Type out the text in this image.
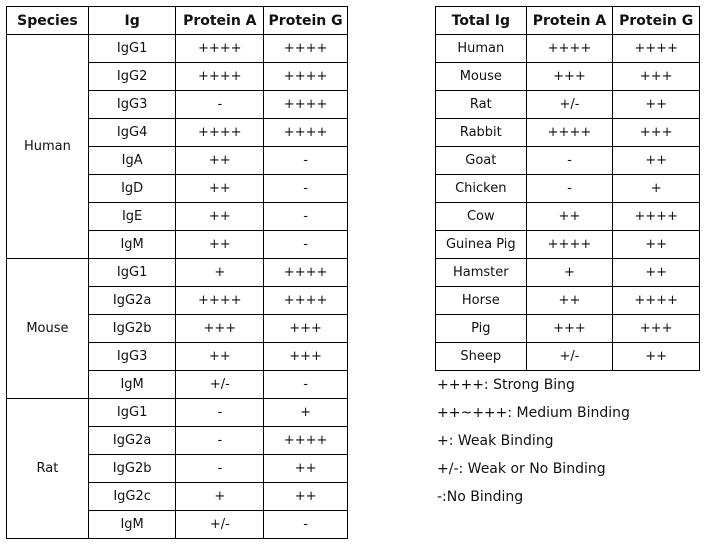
Species	Ig	Protein A	Protein G
Human	IgG1	++++	++++
	IgG2	++++	++++
	IgG3	-	++++
	IgG4	++++	++++
	IgA	++	-
	IgD	++	-
	IgE	++	-
	IgM	++	-
Mouse	IgG1	+	++++
	IgG2a	++++	++++
	IgG2b	+++	+++
	IgG3	++	+++
	IgM	+/-	-
Rat	IgG1	-	+
	IgG2a	-	++++
	IgG2b	-	++
	IgG2c	+	++
	IgM	+/-	-
Total Ig	Protein A	Protein G
Human	++++	++++
Mouse	+++	+++
Rat	+/-	++
Rabbit	++++	+++
Goat	-	++
Chicken	-	+
Cow	++	++++
Guinea Pig	++++	++
Hamster	+	++
Horse	++	++++
Pig	+++	+++
Sheep	+/-	++
++++: Strong Bing
++~+++: Medium Binding
+: Weak Binding
+/-: Weak or No Binding
-:No Binding
